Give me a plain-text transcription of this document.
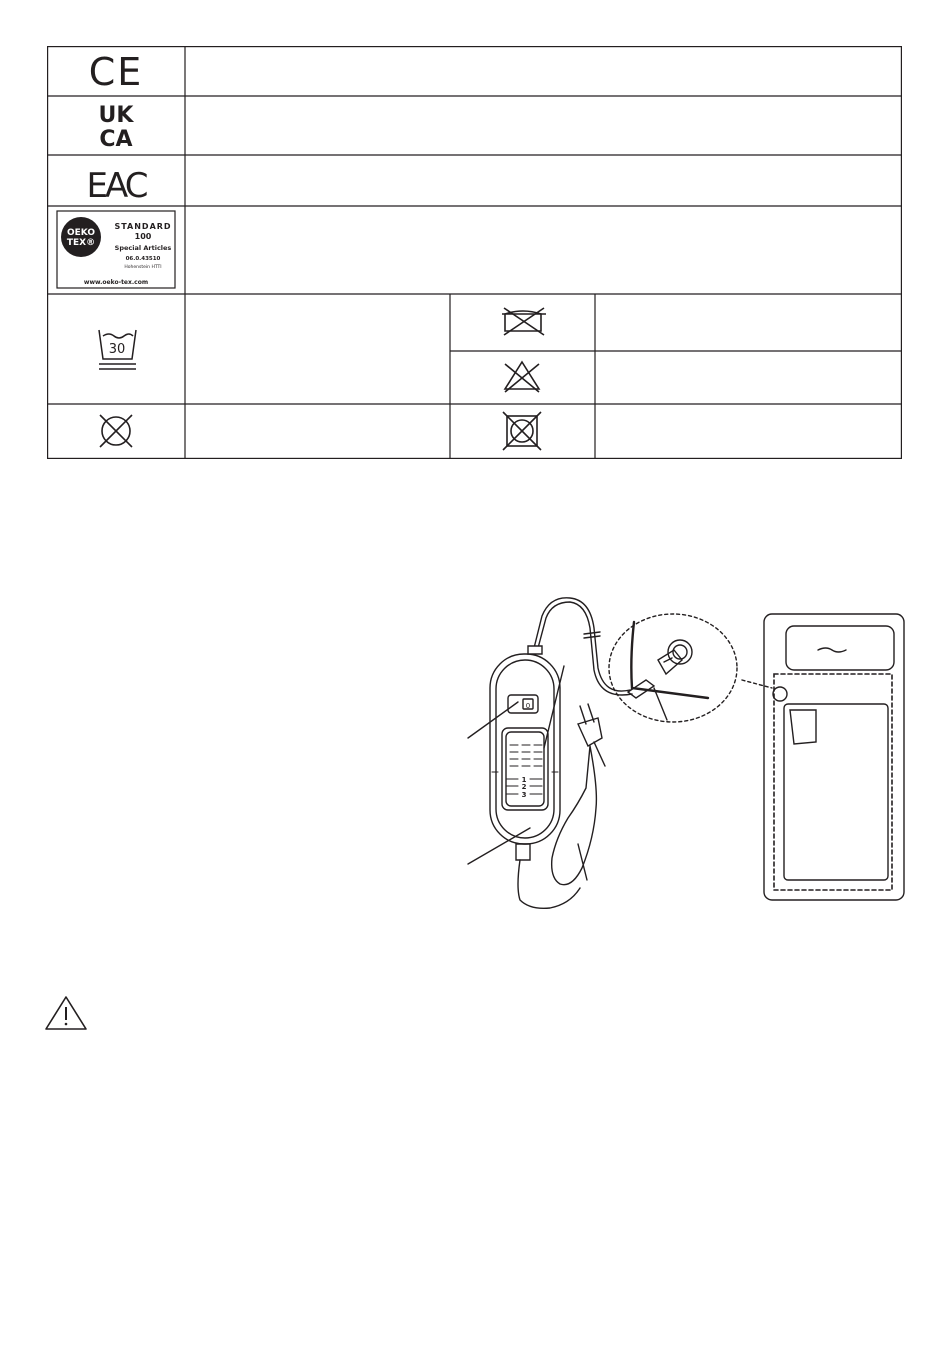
CE
UK
CA
EAC
OEKO
TEX®
STANDARD
100
Special Articles
06.0.43510
Hohenstein HTTI
www.oeko-tex.com
30
0
1
2
3
